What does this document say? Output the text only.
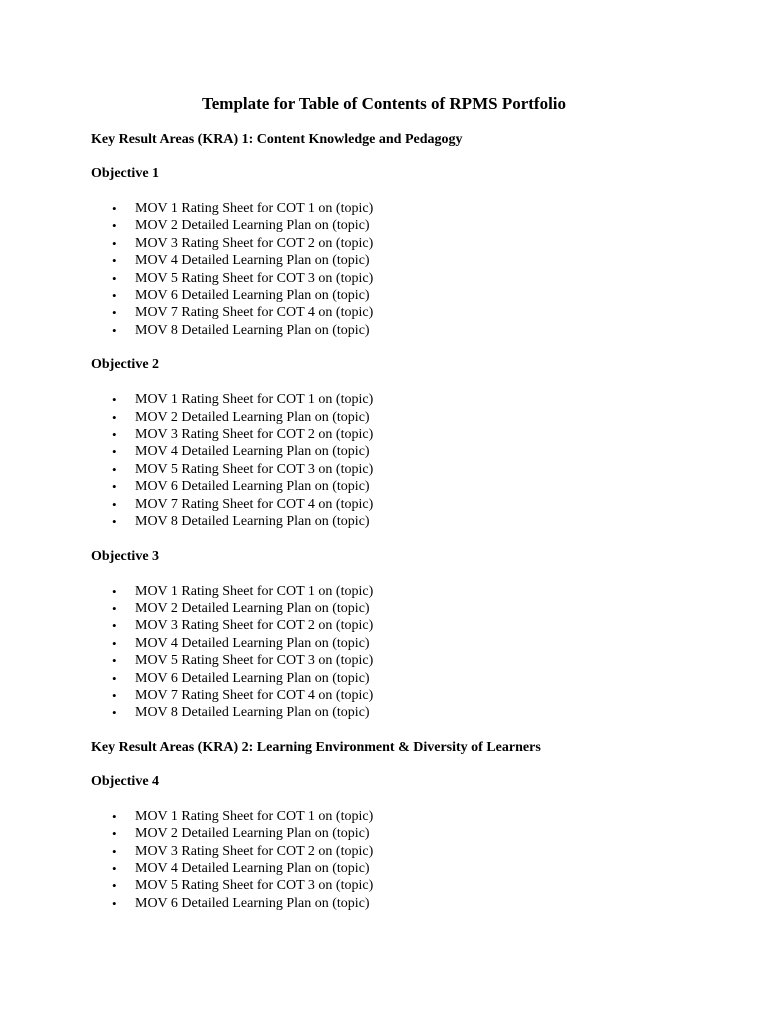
Template for Table of Contents of RPMS Portfolio
Key Result Areas (KRA) 1: Content Knowledge and Pedagogy
Objective 1
• MOV 1 Rating Sheet for COT 1 on (topic)
• MOV 2 Detailed Learning Plan on (topic)
• MOV 3 Rating Sheet for COT 2 on (topic)
• MOV 4 Detailed Learning Plan on (topic)
• MOV 5 Rating Sheet for COT 3 on (topic)
• MOV 6 Detailed Learning Plan on (topic)
• MOV 7 Rating Sheet for COT 4 on (topic)
• MOV 8 Detailed Learning Plan on (topic)
Objective 2
• MOV 1 Rating Sheet for COT 1 on (topic)
• MOV 2 Detailed Learning Plan on (topic)
• MOV 3 Rating Sheet for COT 2 on (topic)
• MOV 4 Detailed Learning Plan on (topic)
• MOV 5 Rating Sheet for COT 3 on (topic)
• MOV 6 Detailed Learning Plan on (topic)
• MOV 7 Rating Sheet for COT 4 on (topic)
• MOV 8 Detailed Learning Plan on (topic)
Objective 3
• MOV 1 Rating Sheet for COT 1 on (topic)
• MOV 2 Detailed Learning Plan on (topic)
• MOV 3 Rating Sheet for COT 2 on (topic)
• MOV 4 Detailed Learning Plan on (topic)
• MOV 5 Rating Sheet for COT 3 on (topic)
• MOV 6 Detailed Learning Plan on (topic)
• MOV 7 Rating Sheet for COT 4 on (topic)
• MOV 8 Detailed Learning Plan on (topic)
Key Result Areas (KRA) 2: Learning Environment & Diversity of Learners
Objective 4
• MOV 1 Rating Sheet for COT 1 on (topic)
• MOV 2 Detailed Learning Plan on (topic)
• MOV 3 Rating Sheet for COT 2 on (topic)
• MOV 4 Detailed Learning Plan on (topic)
• MOV 5 Rating Sheet for COT 3 on (topic)
• MOV 6 Detailed Learning Plan on (topic)
